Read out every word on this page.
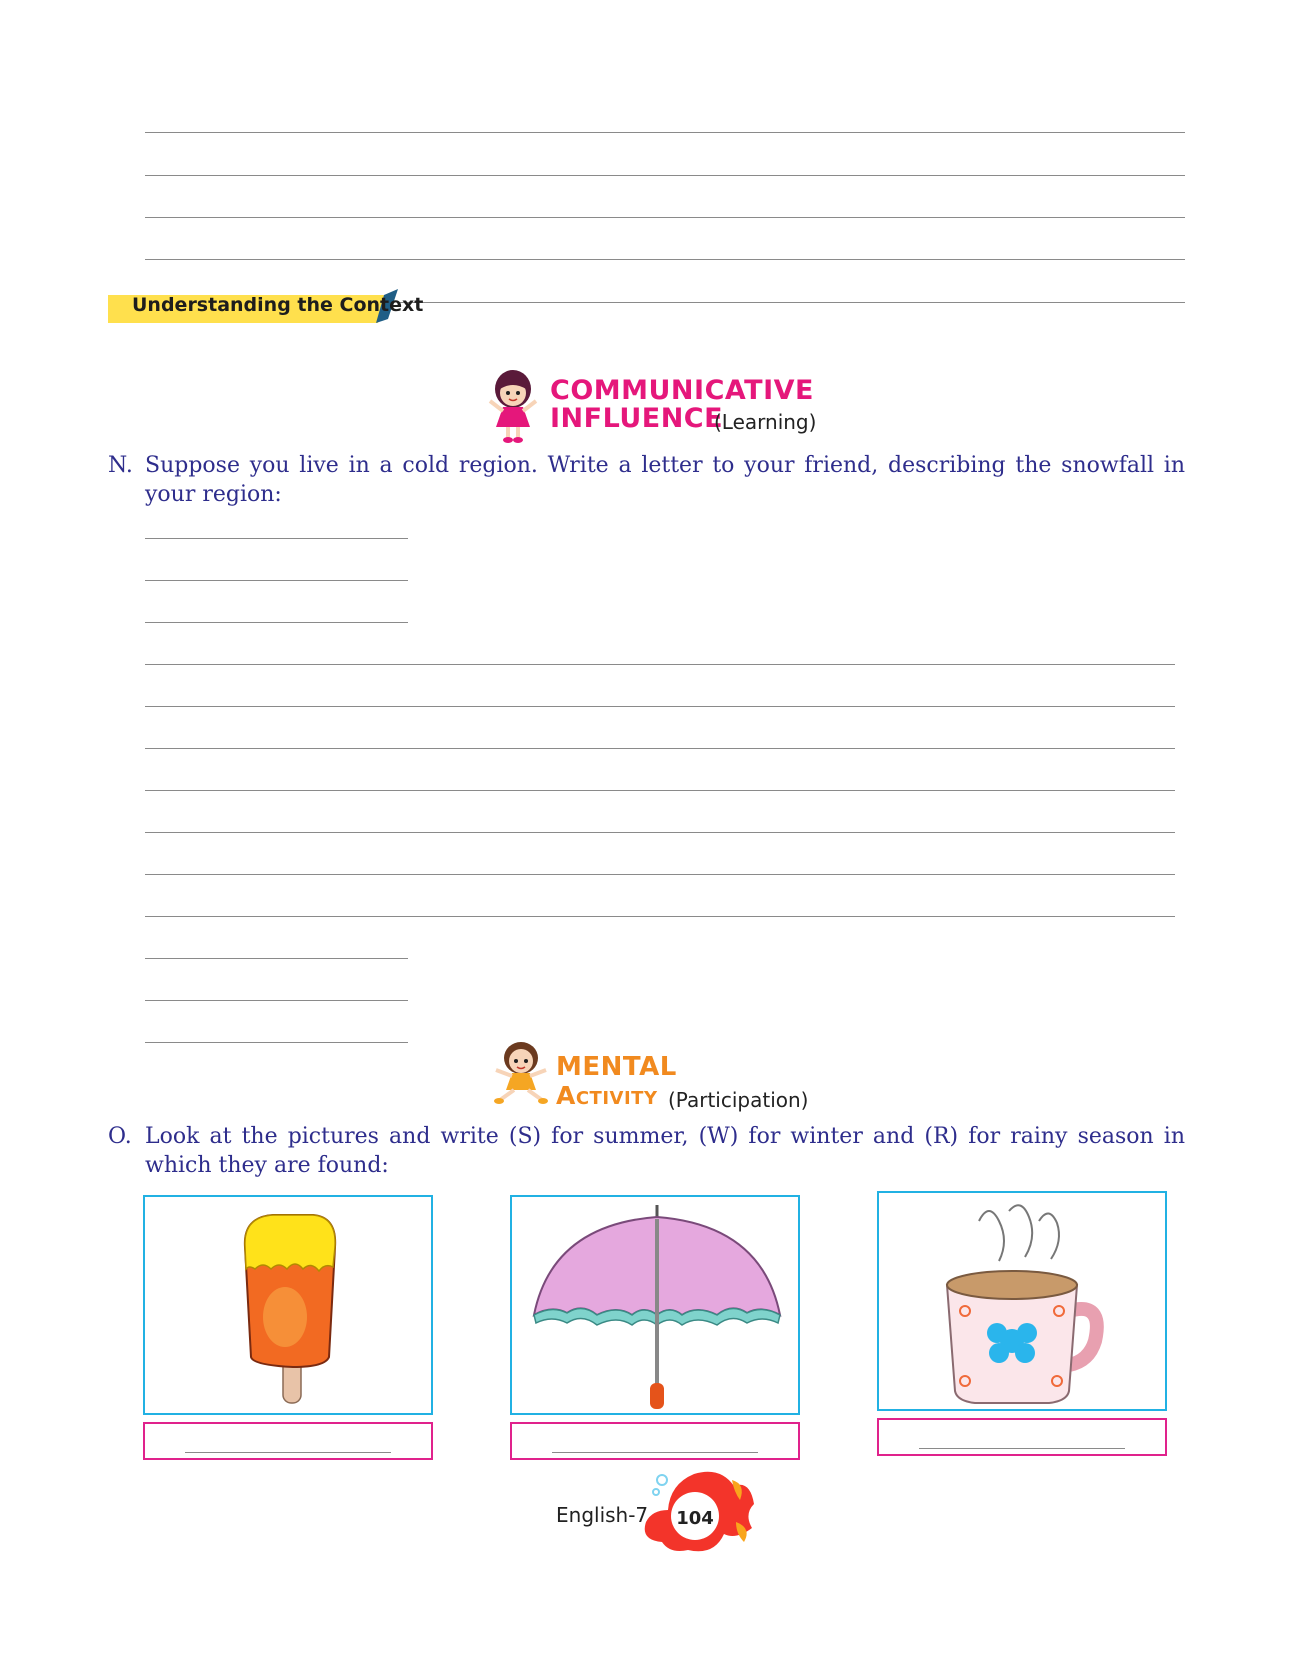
Understanding the Context
COMMUNICATIVE
INFLUENCE
(Learning)
N. Suppose you live in a cold region. Write a letter to your friend, describing the snowfall in your region:
MENTAL
Activity (Participation)
O. Look at the pictures and write (S) for summer, (W) for winter and (R) for rainy season in which they are found:
English-7 104
